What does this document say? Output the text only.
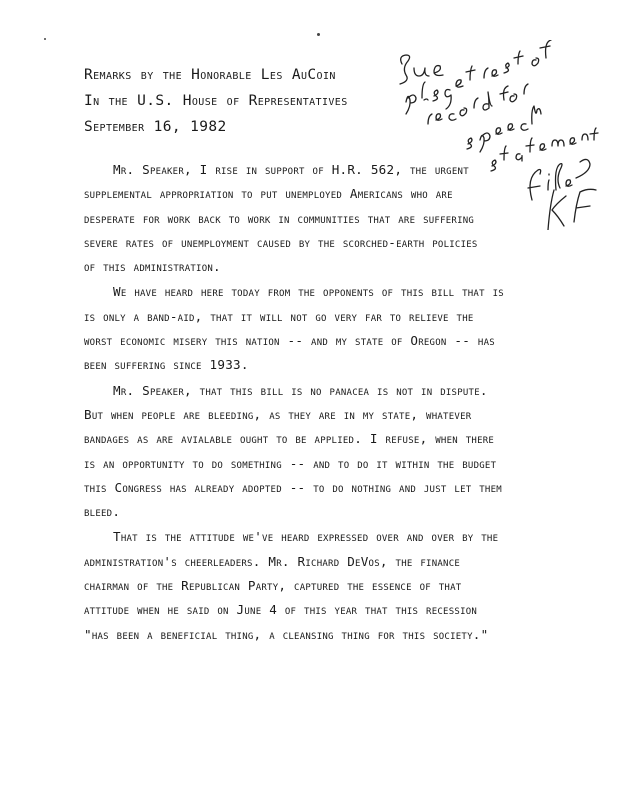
Remarks by the Honorable Les AuCoin
In the U.S. House of Representatives
September 16, 1982
Mr. Speaker, I rise in support of H.R. 562, the urgent
supplemental appropriation to put unemployed Americans who are
desperate for work back to work in communities that are suffering
severe rates of unemployment caused by the scorched-earth policies
of this administration.
We have heard here today from the opponents of this bill that is
is only a band-aid, that it will not go very far to relieve the
worst economic misery this nation -- and my state of Oregon -- has
been suffering since 1933.
Mr. Speaker, that this bill is no panacea is not in dispute.
But when people are bleeding, as they are in my state, whatever
bandages as are avialable ought to be applied. I refuse, when there
is an opportunity to do something -- and to do it within the budget
this Congress has already adopted -- to do nothing and just let them
bleed.
That is the attitude we've heard expressed over and over by the
administration's cheerleaders. Mr. Richard DeVos, the finance
chairman of the Republican Party, captured the essence of that
attitude when he said on June 4 of this year that this recession
"has been a beneficial thing, a cleansing thing for this society."
